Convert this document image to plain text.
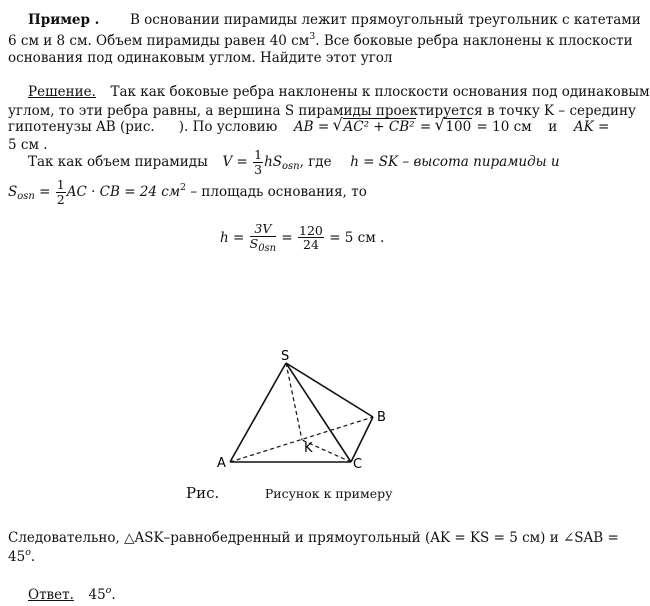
Пример . В основании пирамиды лежит прямоугольный треугольник с катетами
6 см и 8 см. Объем пирамиды равен 40 $см^3$. Все боковые ребра наклонены к плоскости
основания под одинаковым углом. Найдите этот угол
Решение. Так как боковые ребра наклонены к плоскости основания под одинаковым
углом, то эти ребра равны, а вершина S пирамиды проектируется в точку K – середину
гипотенузы AB (рис. ). По условию AB = √ AC² + CB² = √ 100 = 10 см и AK =
5 см .
Так как объем пирамиды $V = \frac{1}{3} hS_{osn}$, где h = SK – высота пирамиды и
$S_{osn} = \frac{1}{2}$ AC · CB = 24 $см^2$ – площадь основания, то
$h = \frac{3V}{S_{0sn}} = \frac{120}{24} = 5$ см .
S
A
B
C
K
Рис.	Рисунок к примеру
Следовательно, △ASK–равнобедренный и прямоугольный (AK = KS = 5 см) и ∠SAB =
$45^o$.
Ответ. 45$^o$.
